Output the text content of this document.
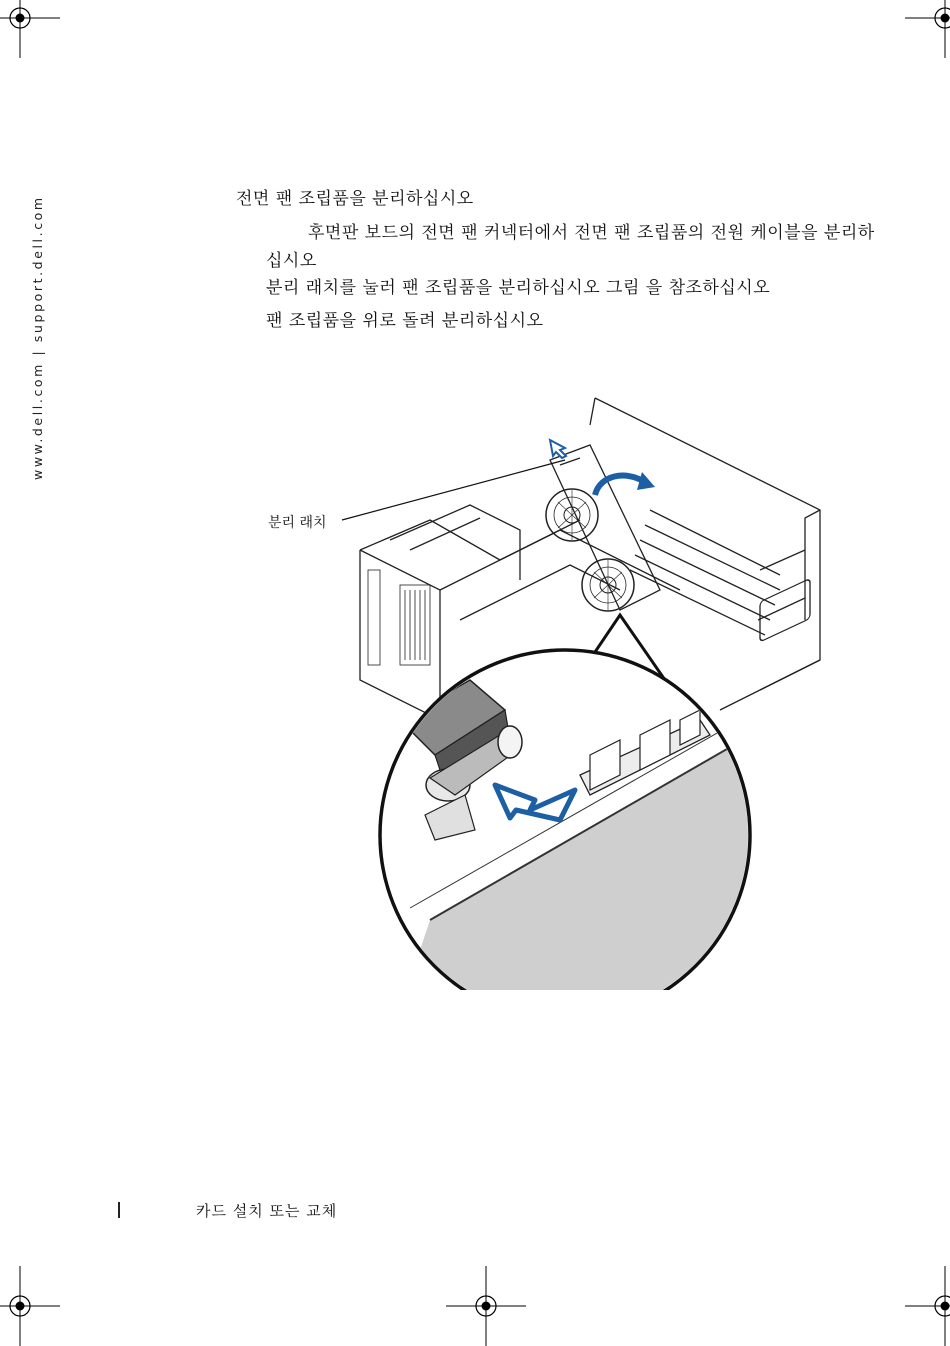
www.dell.com | support.dell.com	전면 팬 조립품을 분리하십시오
후면판 보드의 전면 팬 커넥터에서 전면 팬 조립품의 전원 케이블을 분리하십시오
분리 래치를 눌러 팬 조립품을 분리하십시오 그림 을 참조하십시오
팬 조립품을 위로 돌려 분리하십시오
분리 래치
카드 설치 또는 교체
